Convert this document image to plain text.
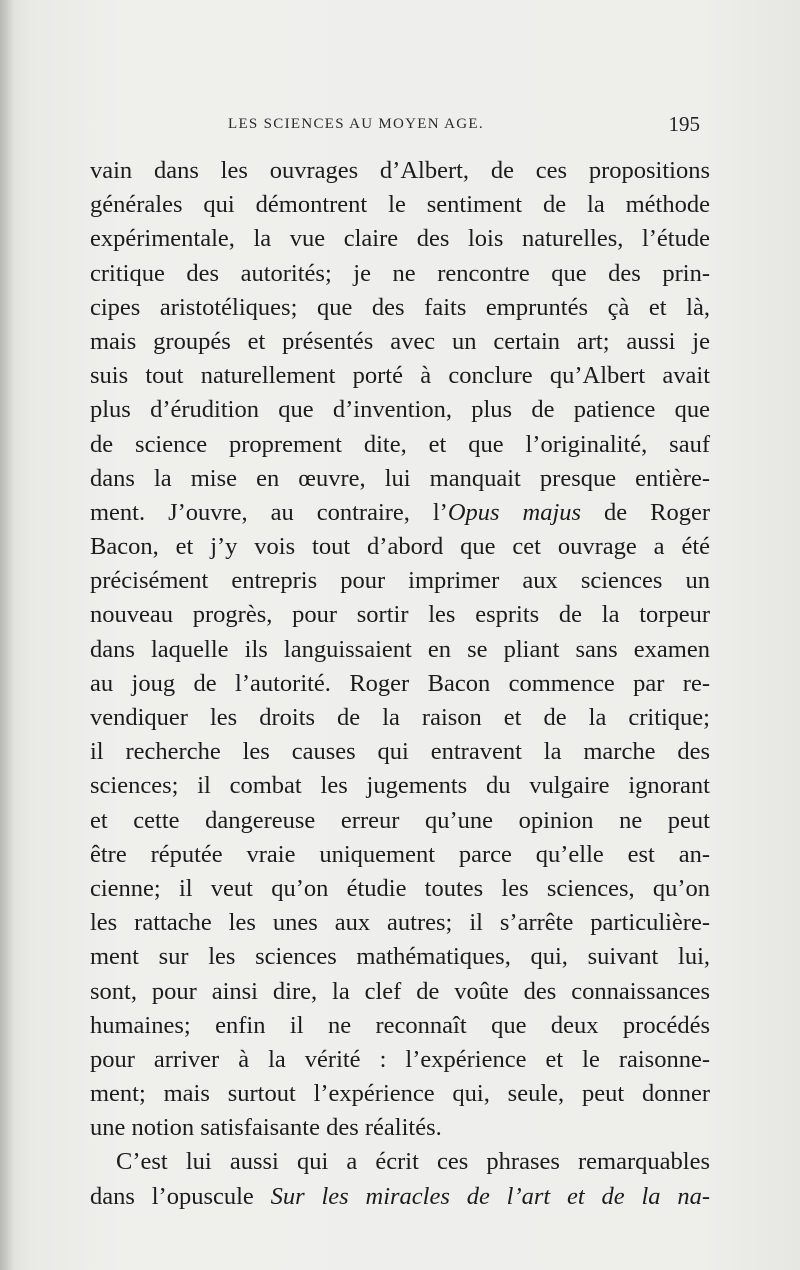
LES SCIENCES AU MOYEN AGE.	195
vain dans les ouvrages d’Albert, de ces propositions
générales qui démontrent le sentiment de la méthode
expérimentale, la vue claire des lois naturelles, l’étude
critique des autorités; je ne rencontre que des prin-
cipes aristotéliques; que des faits empruntés çà et là,
mais groupés et présentés avec un certain art; aussi je
suis tout naturellement porté à conclure qu’Albert avait
plus d’érudition que d’invention, plus de patience que
de science proprement dite, et que l’originalité, sauf
dans la mise en œuvre, lui manquait presque entière-
ment. J’ouvre, au contraire, l’Opus majus de Roger
Bacon, et j’y vois tout d’abord que cet ouvrage a été
précisément entrepris pour imprimer aux sciences un
nouveau progrès, pour sortir les esprits de la torpeur
dans laquelle ils languissaient en se pliant sans examen
au joug de l’autorité. Roger Bacon commence par re-
vendiquer les droits de la raison et de la critique;
il recherche les causes qui entravent la marche des
sciences; il combat les jugements du vulgaire ignorant
et cette dangereuse erreur qu’une opinion ne peut
être réputée vraie uniquement parce qu’elle est an-
cienne; il veut qu’on étudie toutes les sciences, qu’on
les rattache les unes aux autres; il s’arrête particulière-
ment sur les sciences mathématiques, qui, suivant lui,
sont, pour ainsi dire, la clef de voûte des connaissances
humaines; enfin il ne reconnaît que deux procédés
pour arriver à la vérité : l’expérience et le raisonne-
ment; mais surtout l’expérience qui, seule, peut donner
une notion satisfaisante des réalités.
C’est lui aussi qui a écrit ces phrases remarquables
dans l’opuscule Sur les miracles de l’art et de la na-
